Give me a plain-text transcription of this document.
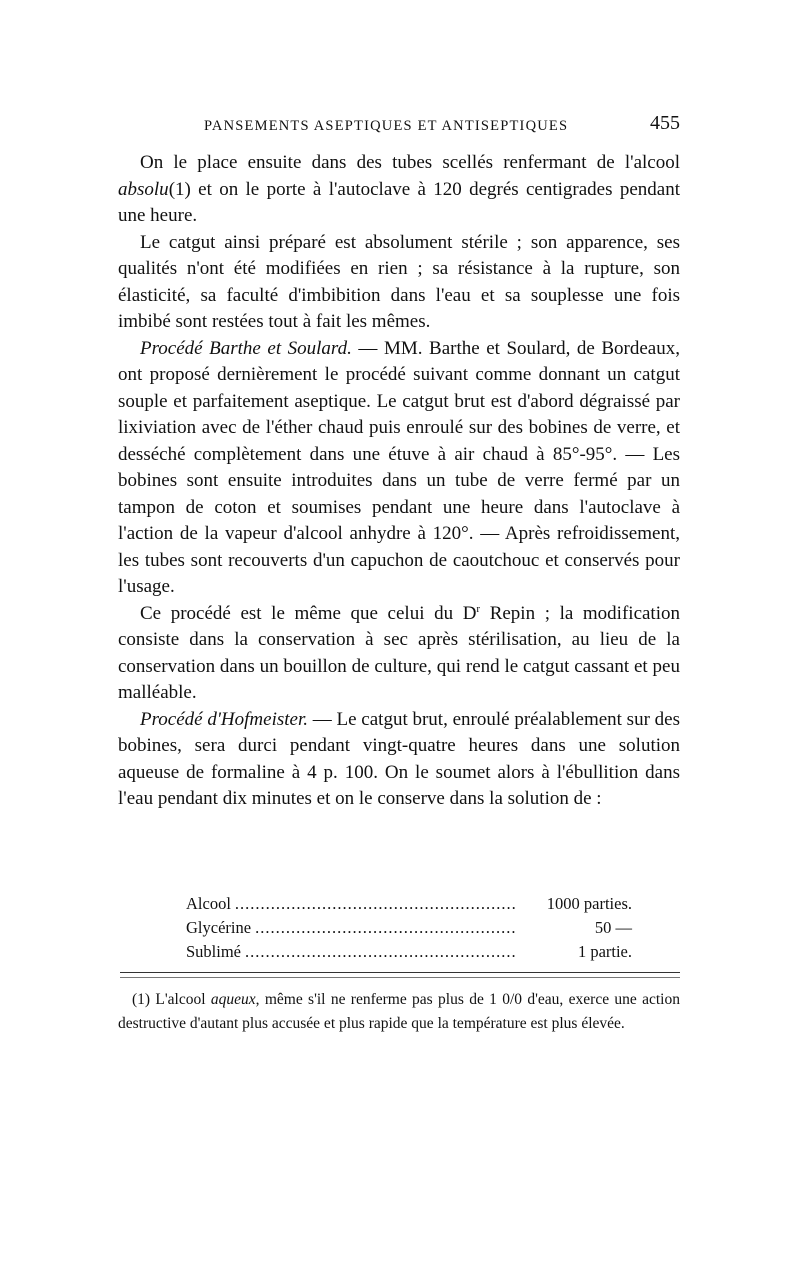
PANSEMENTS ASEPTIQUES ET ANTISEPTIQUES	455

On le place ensuite dans des tubes scellés renfermant de l'alcool absolu(1) et on le porte à l'autoclave à 120 degrés centigrades pendant une heure.

Le catgut ainsi préparé est absolument stérile ; son apparence, ses qualités n'ont été modifiées en rien ; sa résistance à la rupture, son élasticité, sa faculté d'imbibition dans l'eau et sa souplesse une fois imbibé sont restées tout à fait les mêmes.

Procédé Barthe et Soulard. — MM. Barthe et Soulard, de Bordeaux, ont proposé dernièrement le procédé suivant comme donnant un catgut souple et parfaitement aseptique. Le catgut brut est d'abord dégraissé par lixiviation avec de l'éther chaud puis enroulé sur des bobines de verre, et desséché complètement dans une étuve à air chaud à 85°-95°. — Les bobines sont ensuite introduites dans un tube de verre fermé par un tampon de coton et soumises pendant une heure dans l'autoclave à l'action de la vapeur d'alcool anhydre à 120°. — Après refroidissement, les tubes sont recouverts d'un capuchon de caoutchouc et conservés pour l'usage.

Ce procédé est le même que celui du $D^r$ Repin ; la modification consiste dans la conservation à sec après stérilisation, au lieu de la conservation dans un bouillon de culture, qui rend le catgut cassant et peu malléable.

Procédé d'Hofmeister. — Le catgut brut, enroulé préalablement sur des bobines, sera durci pendant vingt-quatre heures dans une solution aqueuse de formaline à 4 p. 100. On le soumet alors à l'ébullition dans l'eau pendant dix minutes et on le conserve dans la solution de :

Alcool .....	1000 parties.
Glycérine .....	50 —
Sublimé .....	1 partie.
(1) L'alcool aqueux, même s'il ne renferme pas plus de 1 0/0 d'eau, exerce une action destructive d'autant plus accusée et plus rapide que la température est plus élevée.
